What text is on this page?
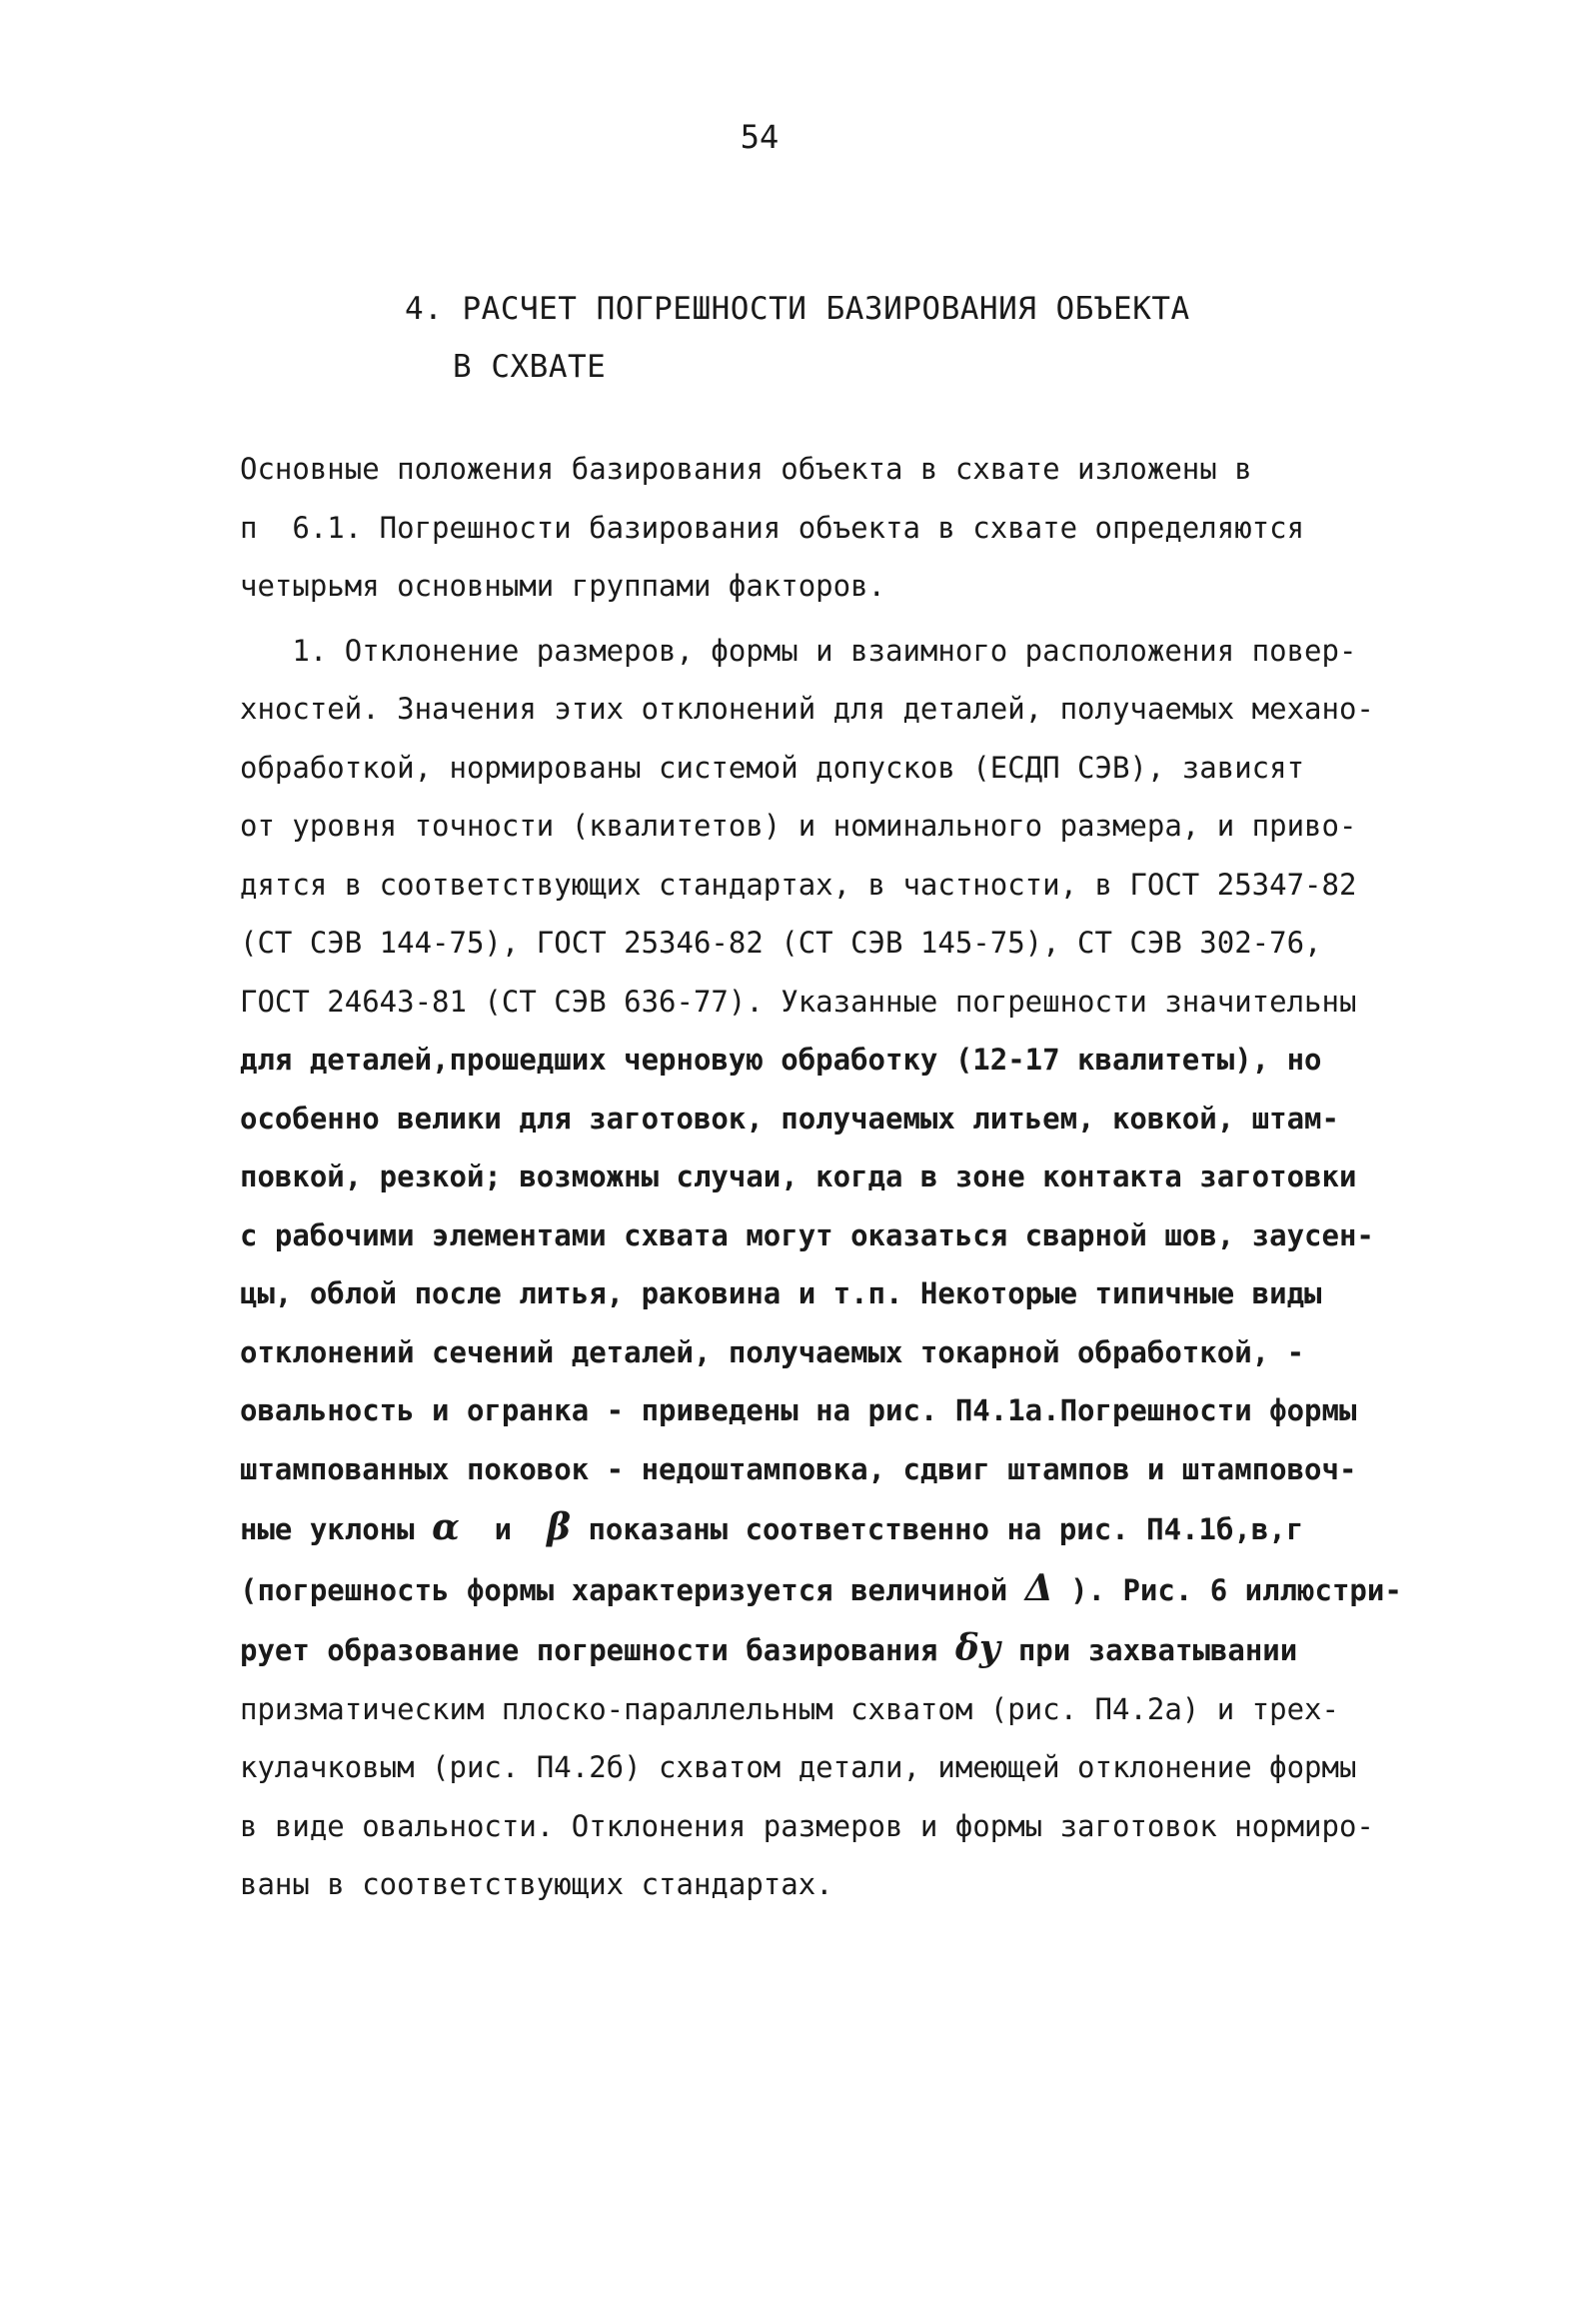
54
4. РАСЧЕТ ПОГРЕШНОСТИ БАЗИРОВАНИЯ ОБЪЕКТА
В СХВАТЕ
Основные положения базирования объекта в схвате изложены в
п  6.1. Погрешности базирования объекта в схвате определяются
четырьмя основными группами факторов.
1. Отклонение размеров, формы и взаимного расположения повер-
хностей. Значения этих отклонений для деталей, получаемых механо-
обработкой, нормированы системой допусков (ЕСДП СЭВ), зависят
от уровня точности (квалитетов) и номинального размера, и приво-
дятся в соответствующих стандартах, в частности, в ГОСТ 25347-82
(СТ СЭВ 144-75), ГОСТ 25346-82 (СТ СЭВ 145-75), СТ СЭВ 302-76,
ГОСТ 24643-81 (СТ СЭВ 636-77). Указанные погрешности значительны
для деталей,прошедших черновую обработку (12-17 квалитеты), но
особенно велики для заготовок, получаемых литьем, ковкой, штам-
повкой, резкой; возможны случаи, когда в зоне контакта заготовки
с рабочими элементами схвата могут оказаться сварной шов, заусен-
цы, облой после литья, раковина и т.п. Некоторые типичные виды
отклонений сечений деталей, получаемых токарной обработкой, -
овальность и огранка - приведены на рис. П4.1а.Погрешности формы
штампованных поковок - недоштамповка, сдвиг штампов и штамповоч-
ные уклоны α  и  β показаны соответственно на рис. П4.1б,в,г
(погрешность формы характеризуется величиной Δ ). Рис. 6 иллюстри-
рует образование погрешности базирования δу при захватывании
призматическим плоско-параллельным схватом (рис. П4.2а) и трех-
кулачковым (рис. П4.2б) схватом детали, имеющей отклонение формы
в виде овальности. Отклонения размеров и формы заготовок нормиро-
ваны в соответствующих стандартах.
